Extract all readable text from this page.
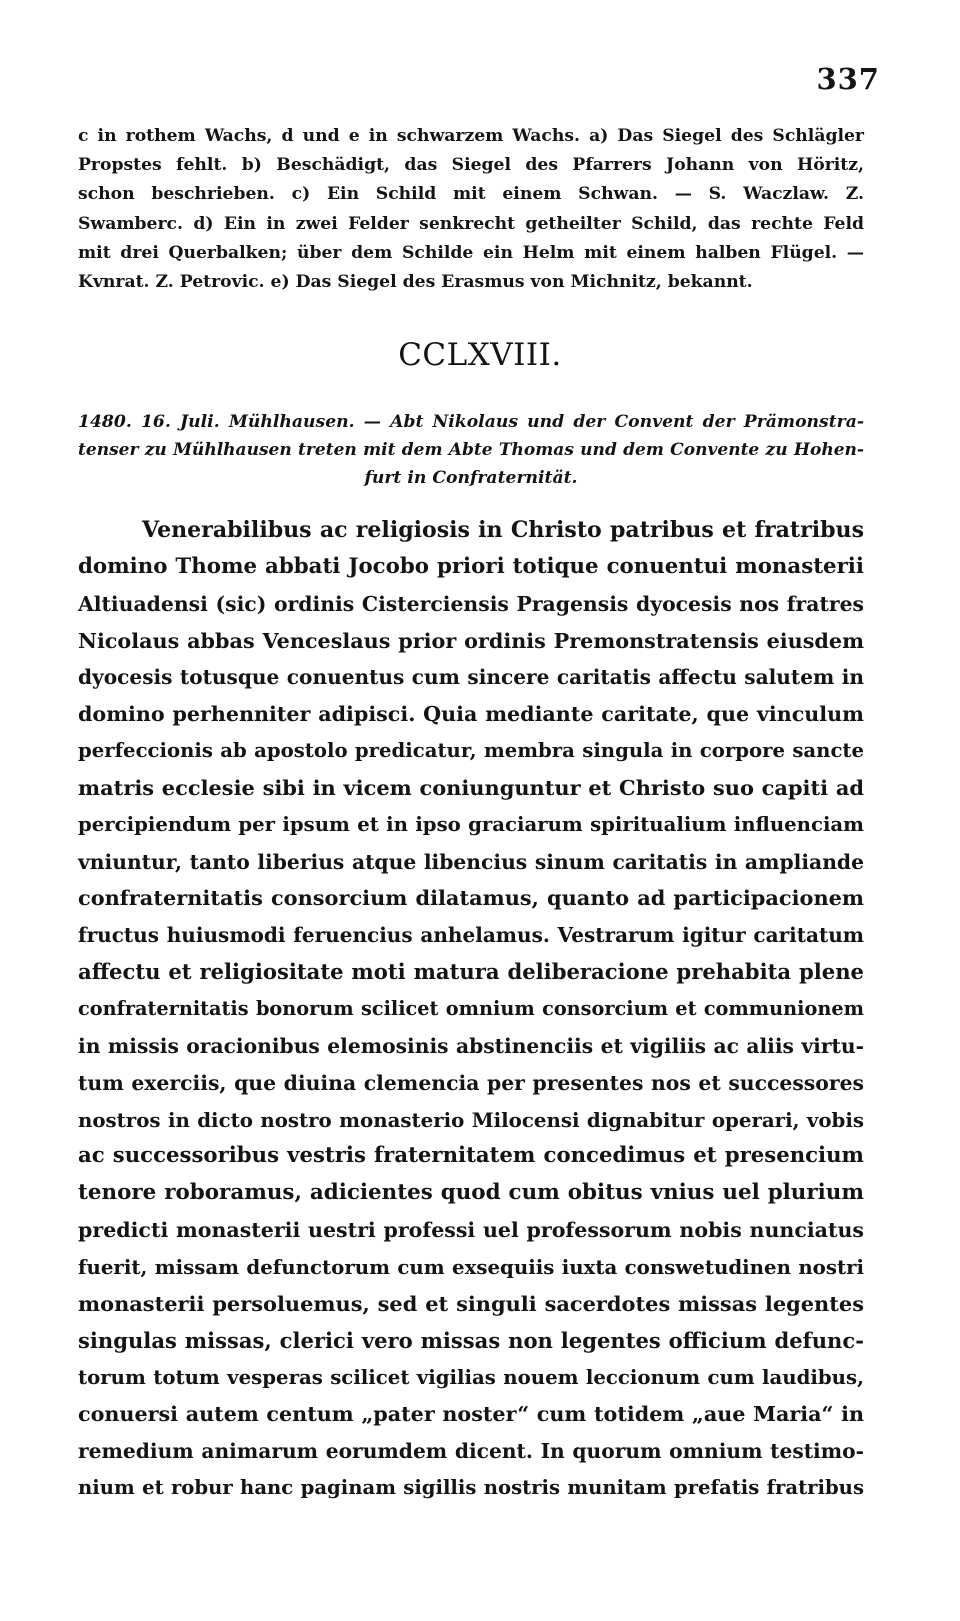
337

c in rothem Wachs, d und e in schwarzem Wachs. a) Das Siegel des Schlägler
Propstes fehlt. b) Beschädigt, das Siegel des Pfarrers Johann von Höritz,
schon beschrieben. c) Ein Schild mit einem Schwan. — S. Waczlaw. Z.
Swamberc. d) Ein in zwei Felder senkrecht getheilter Schild, das rechte Feld
mit drei Querbalken; über dem Schilde ein Helm mit einem halben Flügel. —
Kvnrat. Z. Petrovic. e) Das Siegel des Erasmus von Michnitz, bekannt.
CCLXVIII.
1480. 16. Juli. Mühlhausen. — Abt Nikolaus und der Convent der Prämonstra-
tenser zu Mühlhausen treten mit dem Abte Thomas und dem Convente zu Hohen-
furt in Confraternität.
Venerabilibus ac religiosis in Christo patribus et fratribus
domino Thome abbati Jocobo priori totique conuentui monasterii
Altiuadensi (sic) ordinis Cisterciensis Pragensis dyocesis nos fratres
Nicolaus abbas Venceslaus prior ordinis Premonstratensis eiusdem
dyocesis totusque conuentus cum sincere caritatis affectu salutem in
domino perhenniter adipisci. Quia mediante caritate, que vinculum
perfeccionis ab apostolo predicatur, membra singula in corpore sancte
matris ecclesie sibi in vicem coniunguntur et Christo suo capiti ad
percipiendum per ipsum et in ipso graciarum spiritualium influenciam
vniuntur, tanto liberius atque libencius sinum caritatis in ampliande
confraternitatis consorcium dilatamus, quanto ad participacionem
fructus huiusmodi feruencius anhelamus. Vestrarum igitur caritatum
affectu et religiositate moti matura deliberacione prehabita plene
confraternitatis bonorum scilicet omnium consorcium et communionem
in missis oracionibus elemosinis abstinenciis et vigiliis ac aliis virtu-
tum exerciis, que diuina clemencia per presentes nos et successores
nostros in dicto nostro monasterio Milocensi dignabitur operari, vobis
ac successoribus vestris fraternitatem concedimus et presencium
tenore roboramus, adicientes quod cum obitus vnius uel plurium
predicti monasterii uestri professi uel professorum nobis nunciatus
fuerit, missam defunctorum cum exsequiis iuxta conswetudinen nostri
monasterii persoluemus, sed et singuli sacerdotes missas legentes
singulas missas, clerici vero missas non legentes officium defunc-
torum totum vesperas scilicet vigilias nouem leccionum cum laudibus,
conuersi autem centum „pater noster“ cum totidem „aue Maria“ in
remedium animarum eorumdem dicent. In quorum omnium testimo-
nium et robur hanc paginam sigillis nostris munitam prefatis fratribus
